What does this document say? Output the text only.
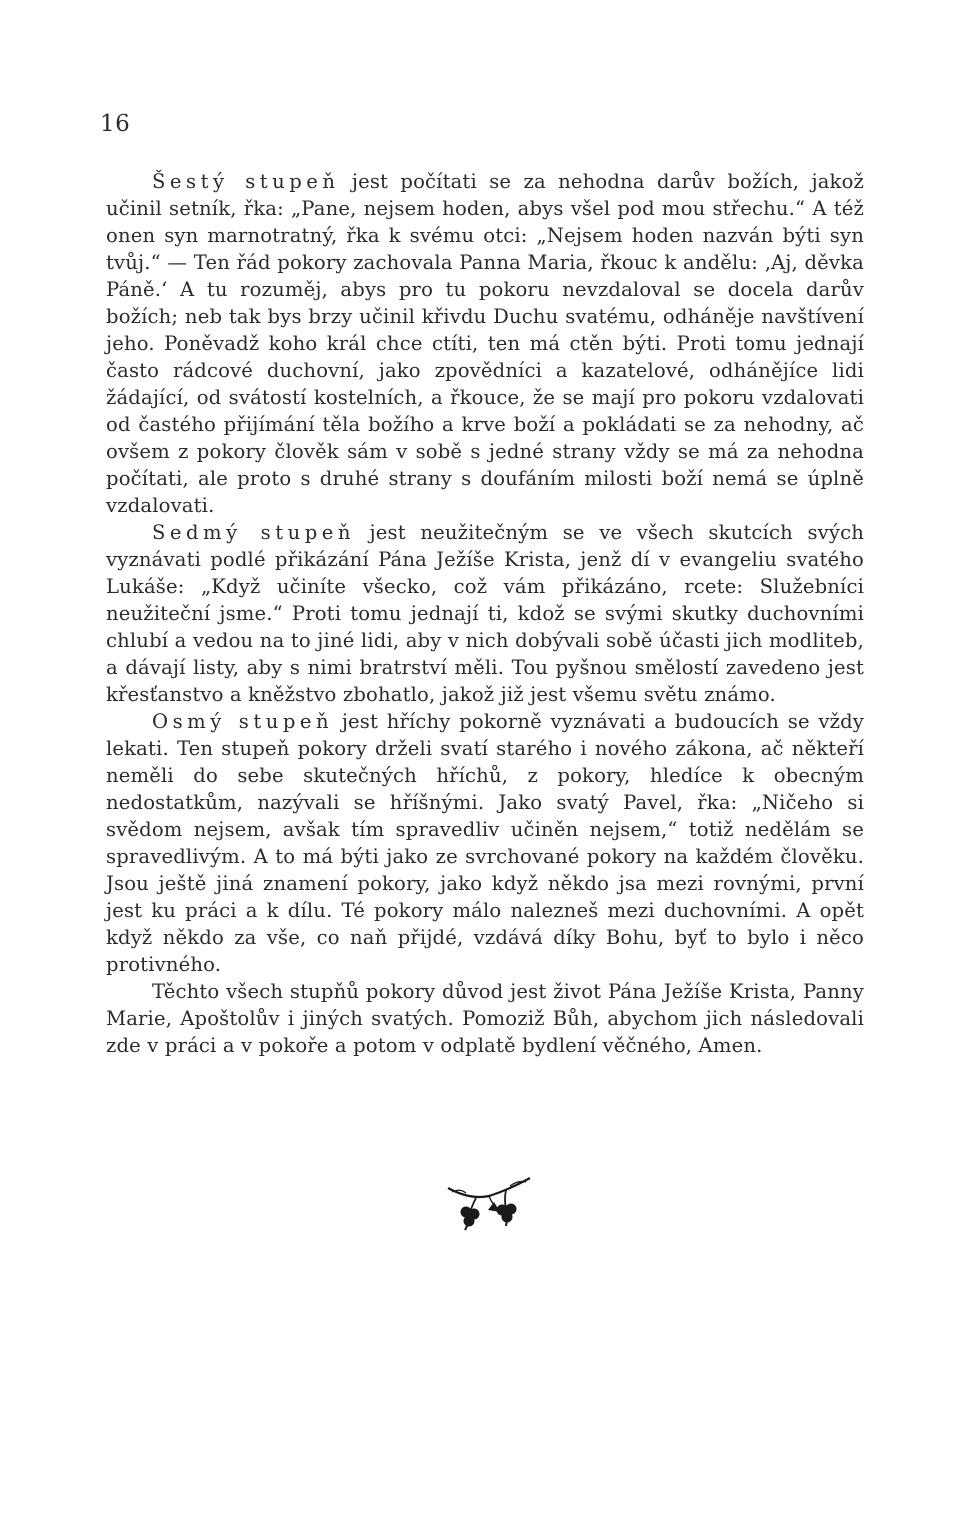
16

Šestý stupeň jest počítati se za nehodna darův božích, jakož učinil setník, řka: „Pane, nejsem hoden, abys všel pod mou střechu.“ A též onen syn marnotratný, řka k svému otci: „Nejsem hoden nazván býti syn tvůj.“ — Ten řád pokory zachovala Panna Maria, řkouc k andělu: ‚Aj, děvka Páně.‘ A tu rozuměj, abys pro tu pokoru nevzdaloval se docela darův božích; neb tak bys brzy učinil křivdu Duchu svatému, odháněje navštívení jeho. Poněvadž koho král chce ctíti, ten má ctěn býti. Proti tomu jednají často rádcové duchovní, jako zpovědníci a kazatelové, odhánějíce lidi žádající, od svátostí kostelních, a řkouce, že se mají pro pokoru vzdalovati od častého přijímání těla božího a krve boží a pokládati se za nehodny, ač ovšem z pokory člověk sám v sobě s jedné strany vždy se má za nehodna počítati, ale proto s druhé strany s doufáním milosti boží nemá se úplně vzdalovati.

Sedmý stupeň jest neužitečným se ve všech skutcích svých vyznávati podlé přikázání Pána Ježíše Krista, jenž dí v evangeliu svatého Lukáše: „Když učiníte všecko, což vám přikázáno, rcete: Služebníci neužiteční jsme.“ Proti tomu jednají ti, kdož se svými skutky duchovními chlubí a vedou na to jiné lidi, aby v nich dobývali sobě účasti jich modliteb, a dávají listy, aby s nimi bratrství měli. Tou pyšnou smělostí zavedeno jest křesťanstvo a kněžstvo zbohatlo, jakož již jest všemu světu známo.

Osmý stupeň jest hříchy pokorně vyznávati a budoucích se vždy lekati. Ten stupeň pokory drželi svatí starého i nového zákona, ač někteří neměli do sebe skutečných hříchů, z pokory, hledíce k obecným nedostatkům, nazývali se hříšnými. Jako svatý Pavel, řka: „Ničeho si svědom nejsem, avšak tím spravedliv učiněn nejsem,“ totiž nedělám se spravedlivým. A to má býti jako ze svrchované pokory na každém člověku. Jsou ještě jiná znamení pokory, jako když někdo jsa mezi rovnými, první jest ku práci a k dílu. Té pokory málo nalezneš mezi duchovními. A opět když někdo za vše, co naň přijdé, vzdává díky Bohu, byť to bylo i něco protivného.

Těchto všech stupňů pokory důvod jest život Pána Ježíše Krista, Panny Marie, Apoštolův i jiných svatých. Pomoziž Bůh, abychom jich následovali zde v práci a v pokoře a potom v odplatě bydlení věčného, Amen.
